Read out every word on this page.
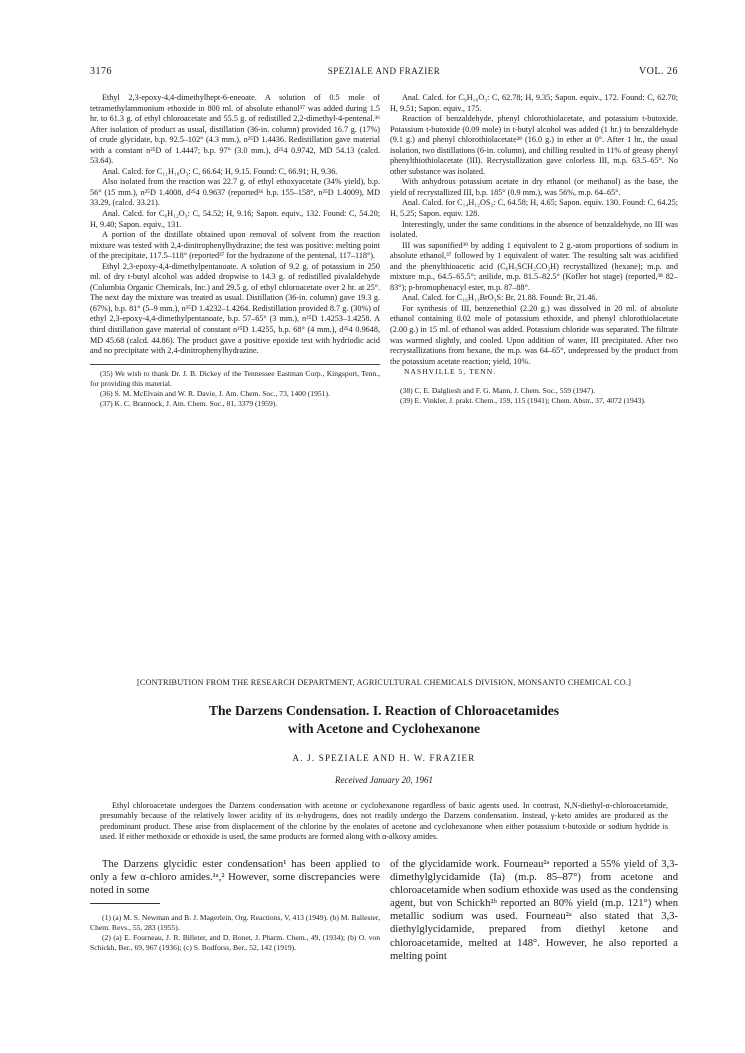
3176	SPEZIALE AND FRAZIER	VOL. 26

Ethyl 2,3-epoxy-4,4-dimethylhept-6-eneoate. A solution of 0.5 mole of tetramethylammonium ethoxide in 800 ml. of absolute ethanol³⁷ was added during 1.5 hr. to 61.3 g. of ethyl chloroacetate and 55.5 g. of redistilled 2,2-dimethyl-4-pentenal.³⁶ After isolation of product as usual, distillation (36-in. column) provided 16.7 g. (17%) of crude glycidate, b.p. 92.5–102° (4.3 mm.), n²⁵D 1.4436. Redistillation gave material with a constant n²⁵D of 1.4447; b.p. 97° (3.0 mm.), d²⁵4 0.9742, MD 54.13 (calcd. 53.64).

Anal. Calcd. for C₁₁H₁₈O₃: C, 66.64; H, 9.15. Found: C, 66.91; H, 9.36.

Also isolated from the reaction was 22.7 g. of ethyl ethoxyacetate (34% yield), b.p. 56° (15 mm.), n²⁵D 1.4008, d²⁵4 0.9637 (reported³⁶ b.p. 155–158°, n²⁵D 1.4009), MD 33.29, (calcd. 33.21).

Anal. Calcd. for C₆H₁₂O₃: C, 54.52; H, 9.16; Sapon. equiv., 132. Found: C, 54.20; H, 9.40; Sapon. equiv., 131.

A portion of the distillate obtained upon removal of solvent from the reaction mixture was tested with 2,4-dinitrophenylhydrazine; the test was positive: melting point of the precipitate, 117.5–118° (reported³⁷ for the hydrazone of the pentenal, 117–118°).

Ethyl 2,3-epoxy-4,4-dimethylpentanoate. A solution of 9.2 g. of potassium in 250 ml. of dry t-butyl alcohol was added dropwise to 14.3 g. of redistilled pivalaldehyde (Columbia Organic Chemicals, Inc.) and 29.5 g. of ethyl chloroacetate over 2 hr. at 25°. The next day the mixture was treated as usual. Distillation (36-in. column) gave 19.3 g. (67%), b.p. 81° (5–9 mm.), n²⁵D 1.4232–1.4264. Redistillation provided 8.7 g. (30%) of ethyl 2,3-epoxy-4,4-dimethylpentanoate, b.p. 57–65° (3 mm.), n²⁵D 1.4253–1.4258. A third distillation gave material of constant n²⁵D 1.4255, b.p. 68° (4 mm.), d²⁵4 0.9648, MD 45.68 (calcd. 44.86). The product gave a positive epoxide test with hydriodic acid and no precipitate with 2,4-dinitrophenylhydrazine.

(35) We wish to thank Dr. J. B. Dickey of the Tennessee Eastman Corp., Kingsport, Tenn., for providing this material.

(36) S. M. McElvain and W. R. Davie, J. Am. Chem. Soc., 73, 1400 (1951).

(37) K. C. Brannock, J. Am. Chem. Soc., 81, 3379 (1959).

Anal. Calcd. for C₉H₁₆O₃: C, 62.78; H, 9.35; Sapon. equiv., 172. Found: C, 62.70; H, 9.51; Sapon. equiv., 175.

Reaction of benzaldehyde, phenyl chlorothiolacetate, and potassium t-butoxide. Potassium t-butoxide (0.09 mole) in t-butyl alcohol was added (1 hr.) to benzaldehyde (9.1 g.) and phenyl chlorothiolacetate³⁸ (16.0 g.) in ether at 0°. After 1 hr., the usual isolation, two distillations (6-in. column), and chilling resulted in 11% of greasy phenyl phenylthiothiolacetate (III). Recrystallization gave colorless III, m.p. 63.5–65°. No other substance was isolated.

With anhydrous potassium acetate in dry ethanol (or methanol) as the base, the yield of recrystallized III, b.p. 185° (0.9 mm.), was 56%, m.p. 64–65°.

Anal. Calcd. for C₁₄H₁₂OS₂: C, 64.58; H, 4.65; Sapon. equiv. 130. Found: C, 64.25; H, 5.25; Sapon. equiv. 128.

Interestingly, under the same conditions in the absence of benzaldehyde, no III was isolated.

III was saponified³⁹ by adding 1 equivalent to 2 g.-atom proportions of sodium in absolute ethanol,³⁷ followed by 1 equivalent of water. The resulting salt was acidified and the phenylthioacetic acid (C₆H₅SCH₂CO₂H) recrystallized (hexane); m.p. and mixture m.p., 64.5–65.5°; anilide, m.p. 81.5–82.5° (Kofler hot stage) (reported,³⁸ 82–83°); p-bromophenacyl ester, m.p. 87–88°.

Anal. Calcd. for C₁₆H₁₃BrO₃S: Br, 21.88. Found: Br, 21.46.

For synthesis of III, benzenethiol (2.20 g.) was dissolved in 20 ml. of absolute ethanol containing 0.02 mole of potassium ethoxide, and phenyl chlorothiolacetate (2.00 g.) in 15 ml. of ethanol was added. Potassium chloride was separated. The filtrate was warmed slightly, and cooled. Upon addition of water, III precipitated. After two recrystallizations from hexane, the m.p. was 64–65°, undepressed by the product from the potassium acetate reaction; yield, 10%.

NASHVILLE 5, TENN.

(38) C. E. Dalgliesh and F. G. Mann, J. Chem. Soc., 559 (1947).

(39) E. Vinkler, J. prakt. Chem., 159, 115 (1941); Chem. Abstr., 37, 4072 (1943).

[CONTRIBUTION FROM THE RESEARCH DEPARTMENT, AGRICULTURAL CHEMICALS DIVISION, MONSANTO CHEMICAL CO.]
The Darzens Condensation. I. Reaction of Chloroacetamides
with Acetone and Cyclohexanone
A. J. SPEZIALE AND H. W. FRAZIER
Received January 20, 1961
Ethyl chloroacetate undergoes the Darzens condensation with acetone or cyclohexanone regardless of basic agents used. In contrast, N,N-diethyl-α-chloroacetamide, presumably because of the relatively lower acidity of its α-hydrogens, does not readily undergo the Darzens condensation. Instead, γ-keto amides are produced as the predominant product. These arise from displacement of the chlorine by the enolates of acetone and cyclohexanone when either potassium t-butoxide or sodium hydride is used. If either methoxide or ethoxide is used, the same products are formed along with α-alkoxy amides.

The Darzens glycidic ester condensation¹ has been applied to only a few α-chloro amides.¹ᵃ,² However, some discrepancies were noted in some

(1) (a) M. S. Newman and B. J. Magerlein, Org. Reactions, V, 413 (1949). (b) M. Ballester, Chem. Revs., 55, 283 (1955).

(2) (a) E. Fourneau, J. R. Billeter, and D. Bonet, J. Pharm. Chem., 49, (1934); (b) O. von Schickh, Ber., 69, 967 (1936); (c) S. Bodforss, Ber., 52, 142 (1919).

of the glycidamide work. Fourneau²ᵃ reported a 55% yield of 3,3-dimethylglycidamide (Ia) (m.p. 85–87°) from acetone and chloroacetamide when sodium ethoxide was used as the condensing agent, but von Schickh²ᵇ reported an 80% yield (m.p. 121°) when metallic sodium was used. Fourneau²ᵃ also stated that 3,3-diethylglycidamide, prepared from diethyl ketone and chloroacetamide, melted at 148°. However, he also reported a melting point
